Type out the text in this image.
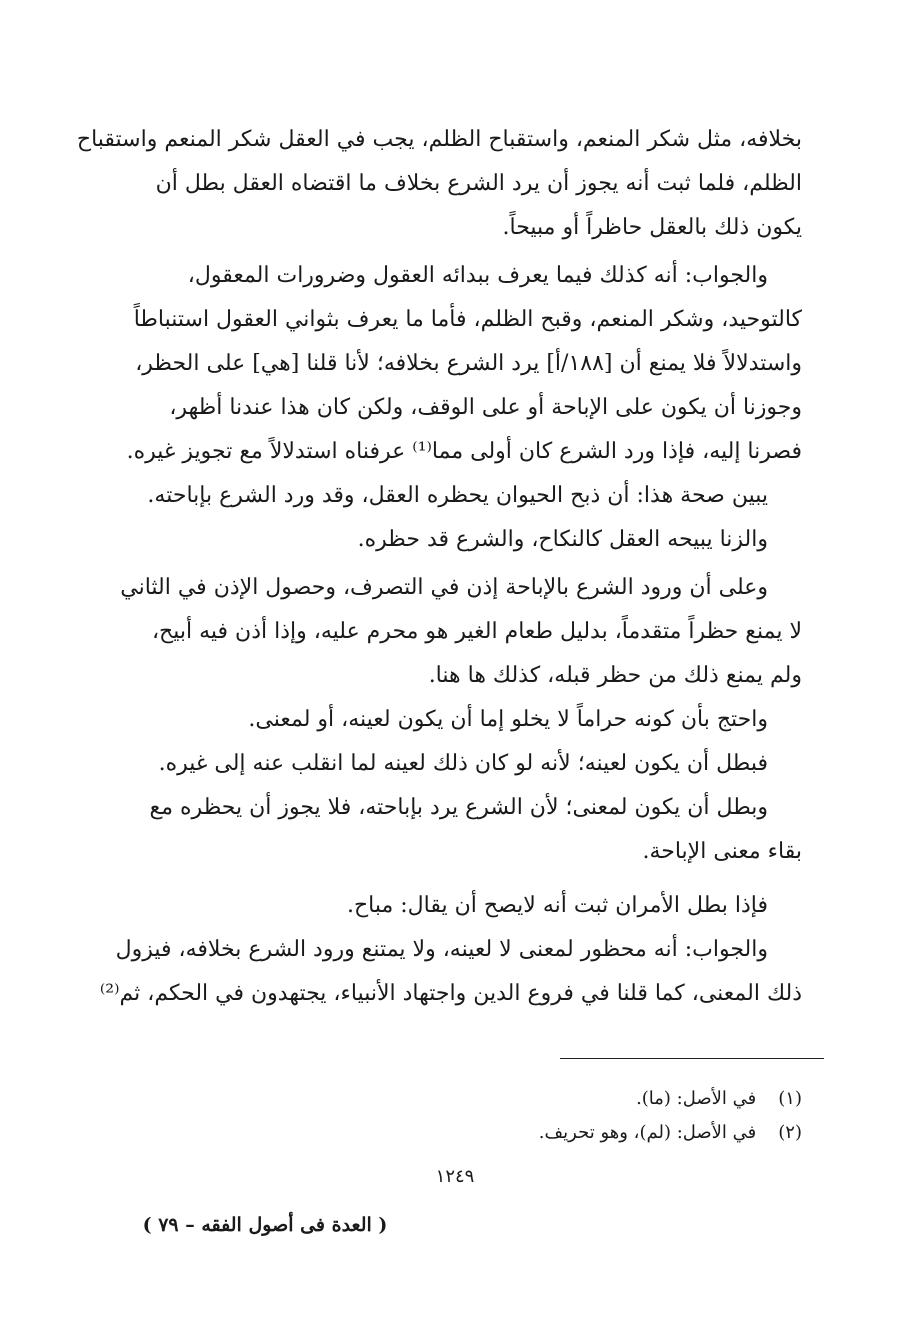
بخلافه، مثل شكر المنعم، واستقباح الظلم، يجب في العقل شكر المنعم واستقباح
الظلم، فلما ثبت أنه يجوز أن يرد الشرع بخلاف ما اقتضاه العقل بطل أن
يكون ذلك بالعقل حاظراً أو مبيحاً.
والجواب: أنه كذلك فيما يعرف ببدائه العقول وضرورات المعقول،
كالتوحيد، وشكر المنعم، وقبح الظلم، فأما ما يعرف بثواني العقول استنباطاً
واستدلالاً فلا يمنع أن [١٨٨/أ] يرد الشرع بخلافه؛ لأنا قلنا [هي] على الحظر،
وجوزنا أن يكون على الإباحة أو على الوقف، ولكن كان هذا عندنا أظهر،
فصرنا إليه، فإذا ورد الشرع كان أولى مما⁽¹⁾ عرفناه استدلالاً مع تجويز غيره.
يبين صحة هذا: أن ذبح الحيوان يحظره العقل، وقد ورد الشرع بإباحته.
والزنا يبيحه العقل كالنكاح، والشرع قد حظره.
وعلى أن ورود الشرع بالإباحة إذن في التصرف، وحصول الإذن في الثاني
لا يمنع حظراً متقدماً، بدليل طعام الغير هو محرم عليه، وإذا أذن فيه أبيح،
ولم يمنع ذلك من حظر قبله، كذلك ها هنا.
واحتج بأن كونه حراماً لا يخلو إما أن يكون لعينه، أو لمعنى.
فبطل أن يكون لعينه؛ لأنه لو كان ذلك لعينه لما انقلب عنه إلى غيره.
وبطل أن يكون لمعنى؛ لأن الشرع يرد بإباحته، فلا يجوز أن يحظره مع
بقاء معنى الإباحة.
فإذا بطل الأمران ثبت أنه لايصح أن يقال: مباح.
والجواب: أنه محظور لمعنى لا لعينه، ولا يمتنع ورود الشرع بخلافه، فيزول
ذلك المعنى، كما قلنا في فروع الدين واجتهاد الأنبياء، يجتهدون في الحكم، ثم⁽²⁾
(١) في الأصل: (ما).
(٢) في الأصل: (لم)، وهو تحريف.
١٢٤٩
( العدة فى أصول الفقه – ٧٩ )
